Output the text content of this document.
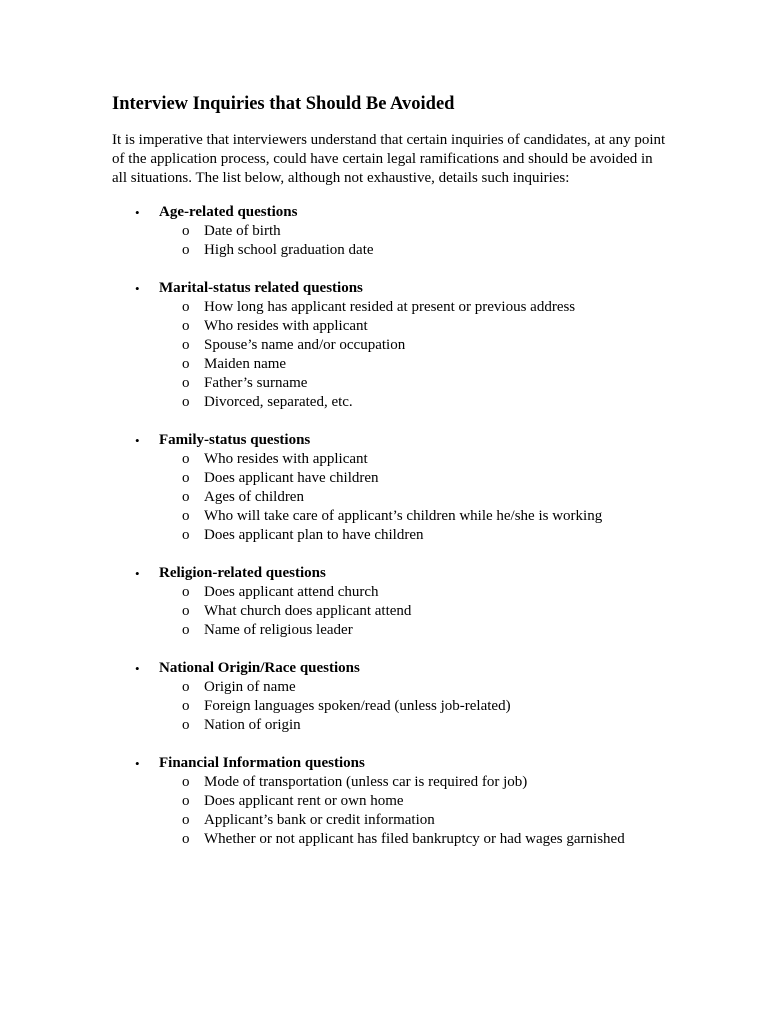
Interview Inquiries that Should Be Avoided

It is imperative that interviewers understand that certain inquiries of candidates, at any point of the application process, could have certain legal ramifications and should be avoided in all situations. The list below, although not exhaustive, details such inquiries:

•	Age-related questions
o Date of birth
o High school graduation date
•	Marital-status related questions
o How long has applicant resided at present or previous address
o Who resides with applicant
o Spouse’s name and/or occupation
o Maiden name
o Father’s surname
o Divorced, separated, etc.
•	Family-status questions
o Who resides with applicant
o Does applicant have children
o Ages of children
o Who will take care of applicant’s children while he/she is working
o Does applicant plan to have children
•	Religion-related questions
o Does applicant attend church
o What church does applicant attend
o Name of religious leader
•	National Origin/Race questions
o Origin of name
o Foreign languages spoken/read (unless job-related)
o Nation of origin
•	Financial Information questions
o Mode of transportation (unless car is required for job)
o Does applicant rent or own home
o Applicant’s bank or credit information
o Whether or not applicant has filed bankruptcy or had wages garnished
